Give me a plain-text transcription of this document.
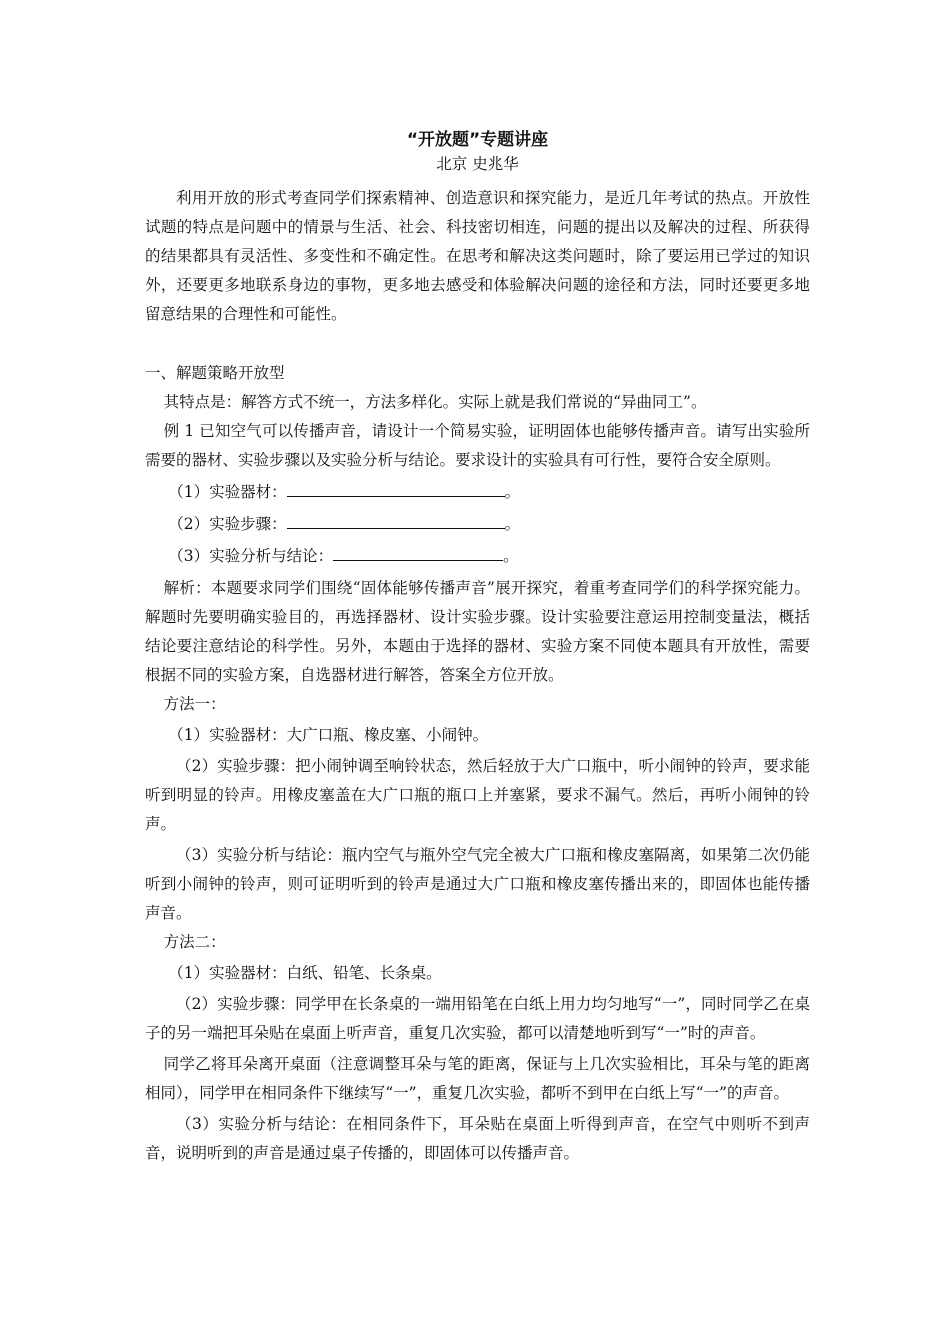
“开放题”专题讲座
北京 史兆华

利用开放的形式考查同学们探索精神、创造意识和探究能力，是近几年考试的热点。开放性试题的特点是问题中的情景与生活、社会、科技密切相连，问题的提出以及解决的过程、所获得的结果都具有灵活性、多变性和不确定性。在思考和解决这类问题时，除了要运用已学过的知识外，还要更多地联系身边的事物，更多地去感受和体验解决问题的途径和方法，同时还要更多地留意结果的合理性和可能性。

一、解题策略开放型

其特点是：解答方式不统一，方法多样化。实际上就是我们常说的“异曲同工”。

例 1 已知空气可以传播声音，请设计一个简易实验，证明固体也能够传播声音。请写出实验所需要的器材、实验步骤以及实验分析与结论。要求设计的实验具有可行性，要符合安全原则。

（1）实验器材：	。

（2）实验步骤：	。

（3）实验分析与结论：	。

解析：本题要求同学们围绕“固体能够传播声音”展开探究，着重考查同学们的科学探究能力。解题时先要明确实验目的，再选择器材、设计实验步骤。设计实验要注意运用控制变量法，概括结论要注意结论的科学性。另外，本题由于选择的器材、实验方案不同使本题具有开放性，需要根据不同的实验方案，自选器材进行解答，答案全方位开放。

方法一：

（1）实验器材：大广口瓶、橡皮塞、小闹钟。

（2）实验步骤：把小闹钟调至响铃状态，然后轻放于大广口瓶中，听小闹钟的铃声，要求能听到明显的铃声。用橡皮塞盖在大广口瓶的瓶口上并塞紧，要求不漏气。然后，再听小闹钟的铃声。

（3）实验分析与结论：瓶内空气与瓶外空气完全被大广口瓶和橡皮塞隔离，如果第二次仍能听到小闹钟的铃声，则可证明听到的铃声是通过大广口瓶和橡皮塞传播出来的，即固体也能传播声音。

方法二：

（1）实验器材：白纸、铅笔、长条桌。

（2）实验步骤：同学甲在长条桌的一端用铅笔在白纸上用力均匀地写“一”，同时同学乙在桌子的另一端把耳朵贴在桌面上听声音，重复几次实验，都可以清楚地听到写“一”时的声音。

同学乙将耳朵离开桌面（注意调整耳朵与笔的距离，保证与上几次实验相比，耳朵与笔的距离相同），同学甲在相同条件下继续写“一”，重复几次实验，都听不到甲在白纸上写“一”的声音。

（3）实验分析与结论：在相同条件下，耳朵贴在桌面上听得到声音，在空气中则听不到声音，说明听到的声音是通过桌子传播的，即固体可以传播声音。
